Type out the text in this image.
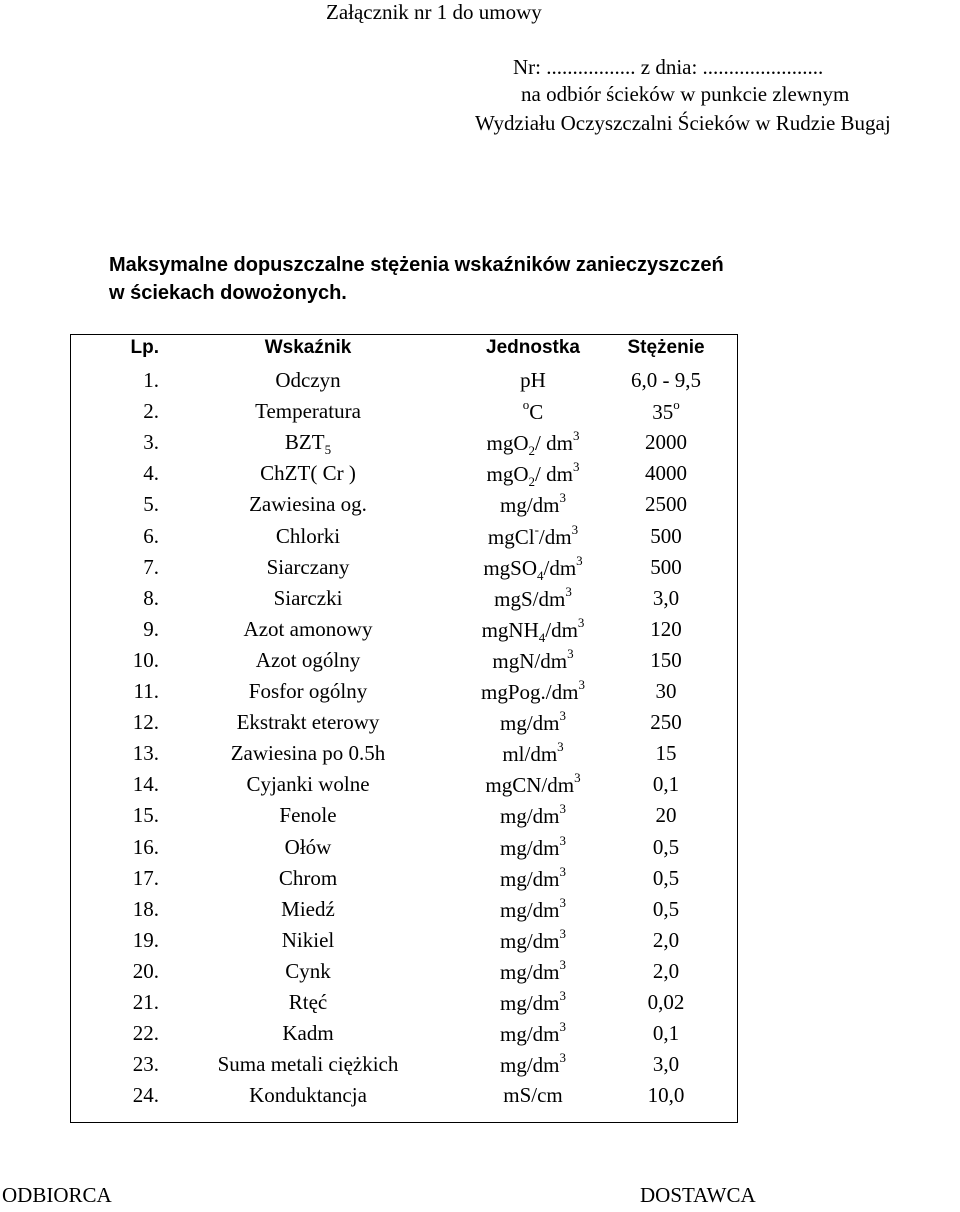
Załącznik nr 1 do umowy
Nr: ................. z dnia: .......................
na odbiór ścieków w punkcie zlewnym
Wydziału Oczyszczalni Ścieków w Rudzie Bugaj
Maksymalne dopuszczalne stężenia wskaźników zanieczyszczeń
w ściekach dowożonych.
Lp.	Wskaźnik	Jednostka	Stężenie
1.	Odczyn	pH	6,0 - 9,5
2.	Temperatura	$^o$C	35$^o$
3.	$BZT_5$	mgO$_2$/ $dm^3$	2000
4.	ChZT( Cr )	mgO$_2$/ $dm^3$	4000
5.	Zawiesina og.	$mg/dm^3$	2500
6.	Chlorki	$mgCl^-/dm^3$	500
7.	Siarczany	$mgSO_4/dm^3$	500
8.	Siarczki	mgS/$dm^3$	3,0
9.	Azot amonowy	$mgNH_4/dm^3$	120
10.	Azot ogólny	mgN/$dm^3$	150
11.	Fosfor ogólny	$mgPog./dm^3$	30
12.	Ekstrakt eterowy	$mg/dm^3$	250
13.	Zawiesina po 0.5h	$ml/dm^3$	15
14.	Cyjanki wolne	mgCN/$dm^3$	0,1
15.	Fenole	$mg/dm^3$	20
16.	Ołów	$mg/dm^3$	0,5
17.	Chrom	$mg/dm^3$	0,5
18.	Miedź	$mg/dm^3$	0,5
19.	Nikiel	$mg/dm^3$	2,0
20.	Cynk	$mg/dm^3$	2,0
21.	Rtęć	$mg/dm^3$	0,02
22.	Kadm	$mg/dm^3$	0,1
23.	Suma metali ciężkich	$mg/dm^3$	3,0
24.	Konduktancja	mS/cm	10,0
ODBIORCA	DOSTAWCA
